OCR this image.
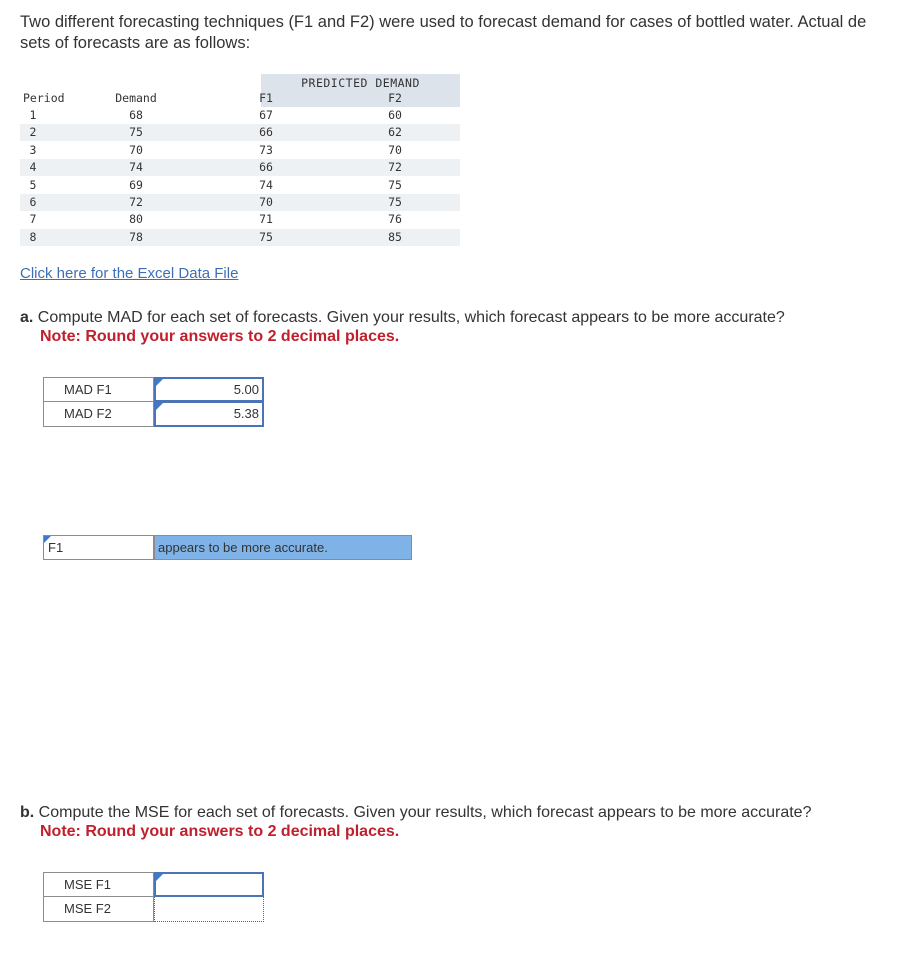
Two different forecasting techniques (F1 and F2) were used to forecast demand for cases of bottled water. Actual de
sets of forecasts are as follows:
PREDICTED DEMAND
Period	Demand	F1	F2
1	68	67	60
2	75	66	62
3	70	73	70
4	74	66	72
5	69	74	75
6	72	70	75
7	80	71	76
8	78	75	85
Click here for the Excel Data File
a. Compute MAD for each set of forecasts. Given your results, which forecast appears to be more accurate?
Note: Round your answers to 2 decimal places.
MAD F1	5.00
MAD F2	5.38
F1	appears to be more accurate.
b. Compute the MSE for each set of forecasts. Given your results, which forecast appears to be more accurate?
Note: Round your answers to 2 decimal places.
MSE F1
MSE F2
